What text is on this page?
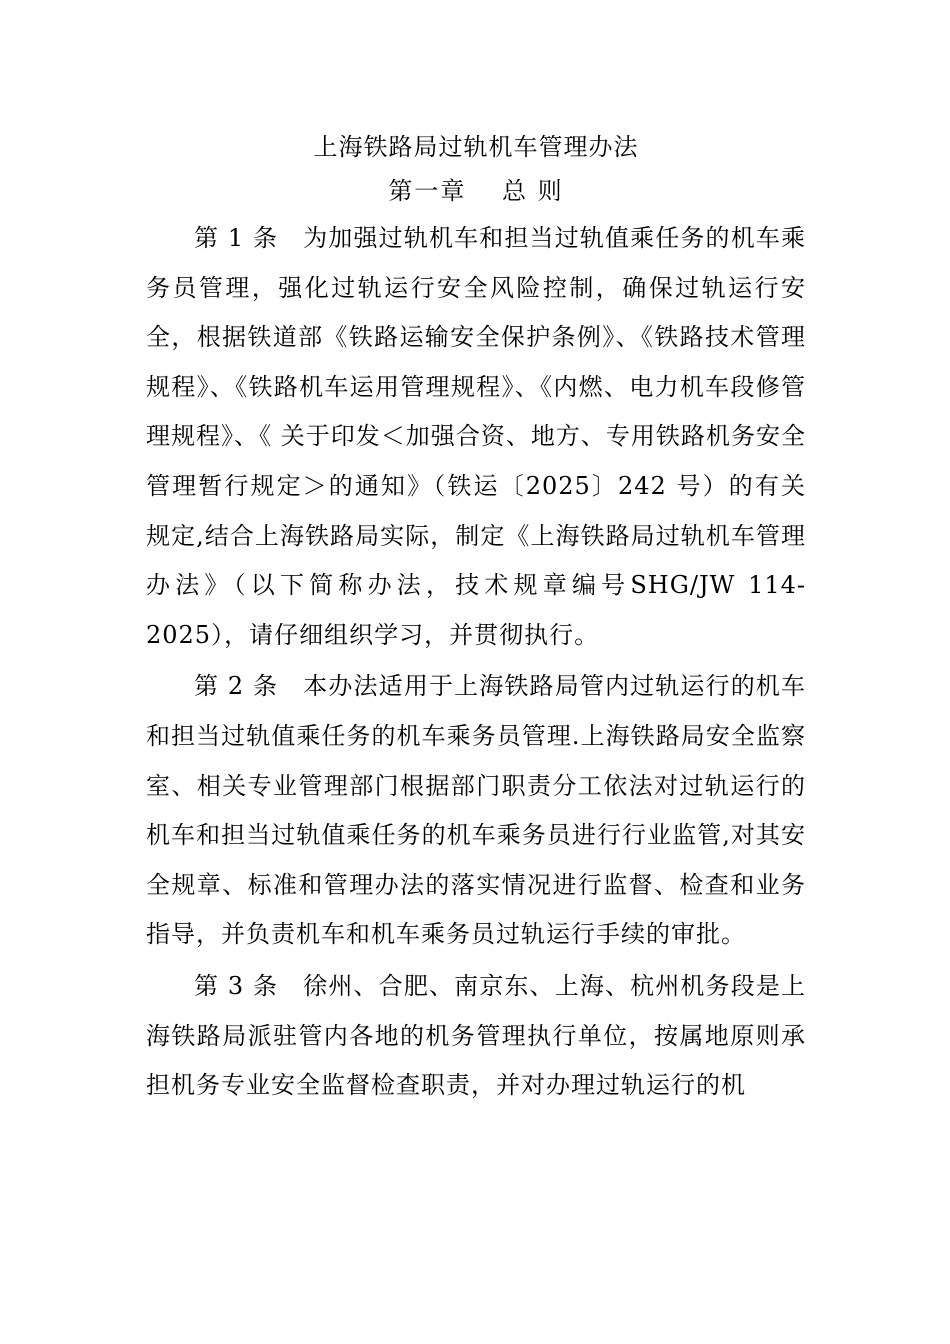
上海铁路局过轨机车管理办法
第一章　 总 则

第 1 条　为加强过轨机车和担当过轨值乘任务的机车乘务员管理，强化过轨运行安全风险控制，确保过轨运行安全，根据铁道部《铁路运输安全保护条例》、《铁路技术管理规程》、《铁路机车运用管理规程》、《内燃、电力机车段修管理规程》、《 关于印发＜加强合资、地方、专用铁路机务安全管理暂行规定＞的通知》（铁运〔2025〕242 号）的有关规定,结合上海铁路局实际，制定《上海铁路局过轨机车管理办法》（以下简称办法，技术规章编号SHG/JW 114-2025），请仔细组织学习，并贯彻执行。

第 2 条　本办法适用于上海铁路局管内过轨运行的机车和担当过轨值乘任务的机车乘务员管理.上海铁路局安全监察室、相关专业管理部门根据部门职责分工依法对过轨运行的机车和担当过轨值乘任务的机车乘务员进行行业监管,对其安全规章、标准和管理办法的落实情况进行监督、检查和业务指导，并负责机车和机车乘务员过轨运行手续的审批。

第 3 条　徐州、合肥、南京东、上海、杭州机务段是上海铁路局派驻管内各地的机务管理执行单位，按属地原则承担机务专业安全监督检查职责，并对办理过轨运行的机
